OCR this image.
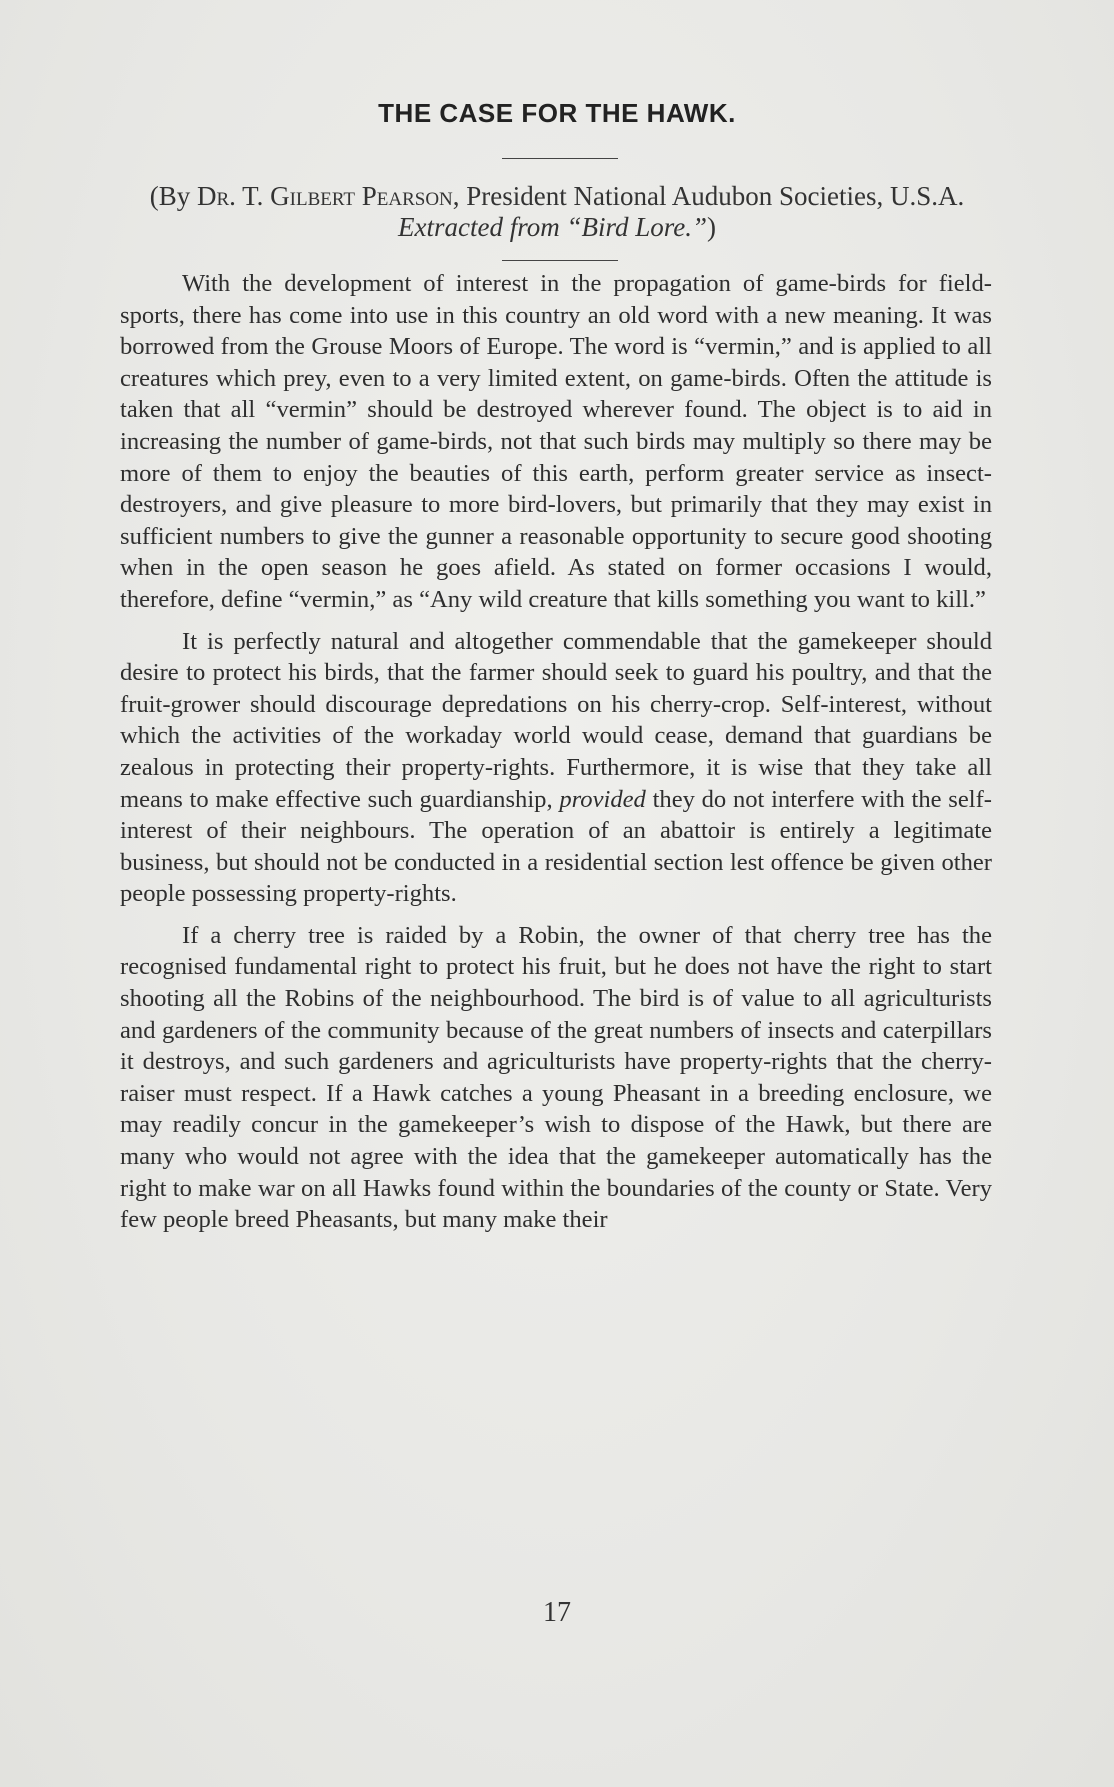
THE CASE FOR THE HAWK.

(By Dr. T. Gilbert Pearson, President National Audubon Societies, U.S.A. Extracted from “Bird Lore.”)

With the development of interest in the propagation of game-birds for field-sports, there has come into use in this country an old word with a new meaning. It was borrowed from the Grouse Moors of Europe. The word is “vermin,” and is applied to all creatures which prey, even to a very limited extent, on game-birds. Often the attitude is taken that all “vermin” should be destroyed wherever found. The object is to aid in increasing the number of game-birds, not that such birds may multiply so there may be more of them to enjoy the beauties of this earth, perform greater service as insect-destroyers, and give pleasure to more bird-lovers, but primarily that they may exist in sufficient numbers to give the gunner a reasonable opportunity to secure good shooting when in the open season he goes afield. As stated on former occasions I would, therefore, define “vermin,” as “Any wild creature that kills something you want to kill.”

It is perfectly natural and altogether commendable that the gamekeeper should desire to protect his birds, that the farmer should seek to guard his poultry, and that the fruit-grower should discourage depredations on his cherry-crop. Self-interest, without which the activities of the workaday world would cease, demand that guardians be zealous in protecting their property-rights. Furthermore, it is wise that they take all means to make effective such guardianship, provided they do not interfere with the self-interest of their neighbours. The operation of an abattoir is entirely a legitimate business, but should not be conducted in a residential section lest offence be given other people possessing property-rights.

If a cherry tree is raided by a Robin, the owner of that cherry tree has the recognised fundamental right to protect his fruit, but he does not have the right to start shooting all the Robins of the neighbourhood. The bird is of value to all agriculturists and gardeners of the community because of the great numbers of insects and caterpillars it destroys, and such gardeners and agriculturists have property-rights that the cherry-raiser must respect. If a Hawk catches a young Pheasant in a breeding enclosure, we may readily concur in the gamekeeper’s wish to dispose of the Hawk, but there are many who would not agree with the idea that the gamekeeper automatically has the right to make war on all Hawks found within the boundaries of the county or State. Very few people breed Pheasants, but many make their

17
